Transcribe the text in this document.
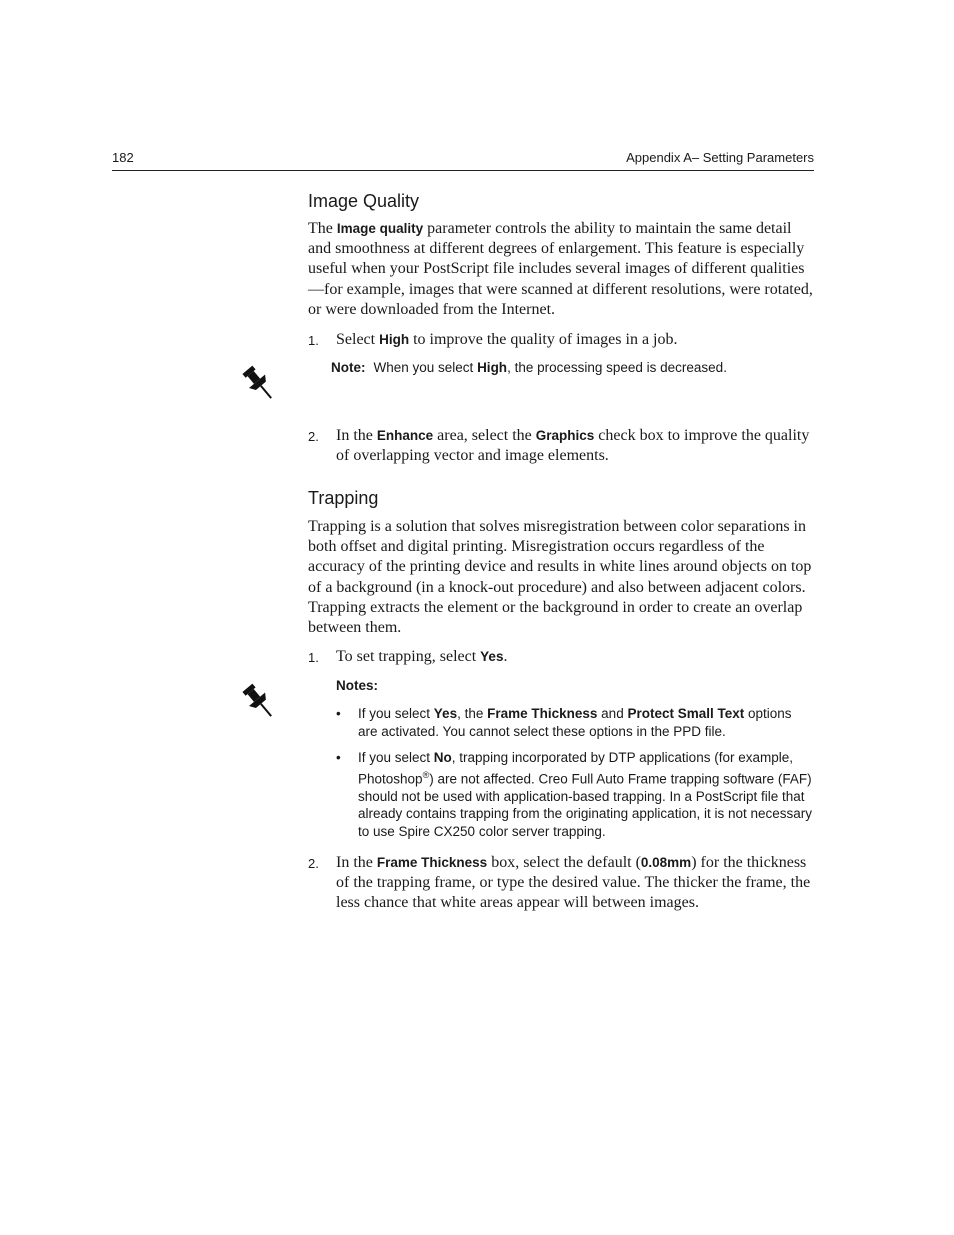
182	Appendix A– Setting Parameters
Image Quality

The Image quality parameter controls the ability to maintain the same detail and smoothness at different degrees of enlargement. This feature is especially useful when your PostScript file includes several images of different qualities—for example, images that were scanned at different resolutions, were rotated, or were downloaded from the Internet.

1. Select High to improve the quality of images in a job.
Note: When you select High, the processing speed is decreased.
2. In the Enhance area, select the Graphics check box to improve the quality of overlapping vector and image elements.
Trapping

Trapping is a solution that solves misregistration between color separations in both offset and digital printing. Misregistration occurs regardless of the accuracy of the printing device and results in white lines around objects on top of a background (in a knock-out procedure) and also between adjacent colors. Trapping extracts the element or the background in order to create an overlap between them.

1. To set trapping, select Yes.
Notes:
• If you select Yes, the Frame Thickness and Protect Small Text options are activated. You cannot select these options in the PPD file.
• If you select No, trapping incorporated by DTP applications (for example, Photoshop®) are not affected. Creo Full Auto Frame trapping software (FAF) should not be used with application-based trapping. In a PostScript file that already contains trapping from the originating application, it is not necessary to use Spire CX250 color server trapping.
2. In the Frame Thickness box, select the default (0.08mm) for the thickness of the trapping frame, or type the desired value. The thicker the frame, the less chance that white areas appear will between images.
